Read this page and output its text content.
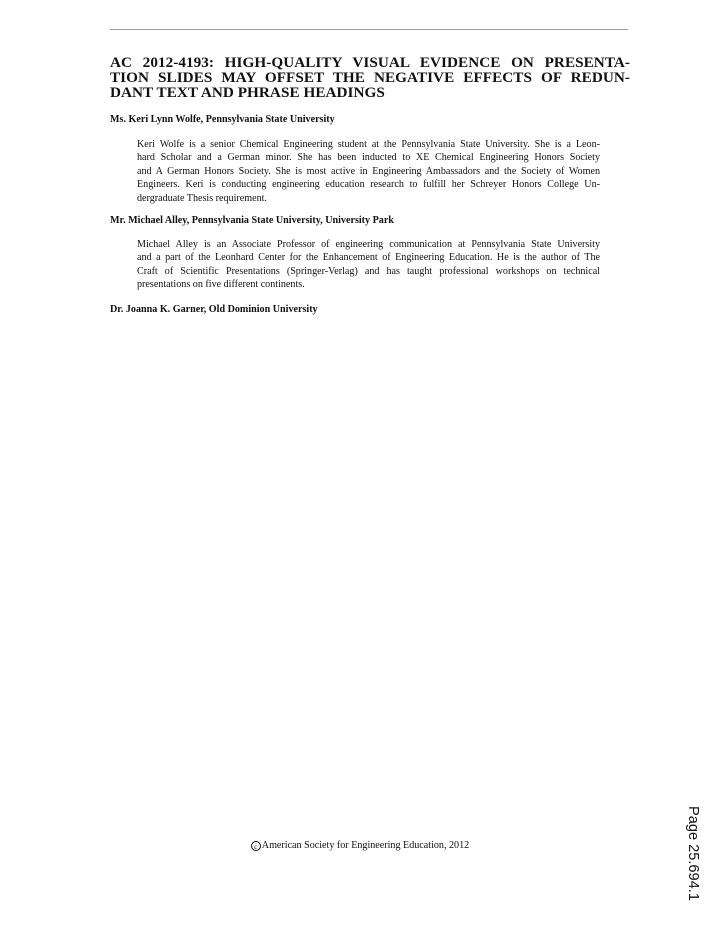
AC 2012-4193: HIGH-QUALITY VISUAL EVIDENCE ON PRESENTA-
TION SLIDES MAY OFFSET THE NEGATIVE EFFECTS OF REDUN-
DANT TEXT AND PHRASE HEADINGS

Ms. Keri Lynn Wolfe, Pennsylvania State University

Keri Wolfe is a senior Chemical Engineering student at the Pennsylvania State University. She is a Leon-
hard Scholar and a German minor. She has been inducted to XE Chemical Engineering Honors Society
and A German Honors Society. She is most active in Engineering Ambassadors and the Society of Women
Engineers. Keri is conducting engineering education research to fulfill her Schreyer Honors College Un-
dergraduate Thesis requirement.

Mr. Michael Alley, Pennsylvania State University, University Park

Michael Alley is an Associate Professor of engineering communication at Pennsylvania State University
and a part of the Leonhard Center for the Enhancement of Engineering Education. He is the author of The
Craft of Scientific Presentations (Springer-Verlag) and has taught professional workshops on technical
presentations on five different continents.

Dr. Joanna K. Garner, Old Dominion University

c American Society for Engineering Education, 2012	Page 25.694.1
